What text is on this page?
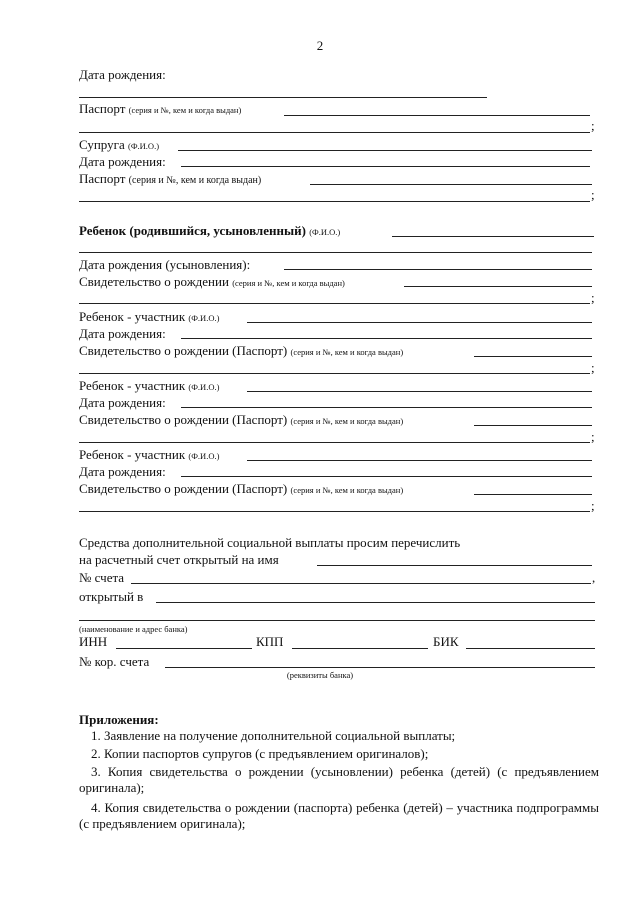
2
Дата рождения:
Паспорт (серия и №, кем и когда выдан)
;
Супруга (Ф.И.О.)
Дата рождения:
Паспорт (серия и №, кем и когда выдан)
;
Ребенок (родившийся, усыновленный) (Ф.И.О.)
Дата рождения (усыновления):
Свидетельство о рождении (серия и №, кем и когда выдан)
;
Ребенок - участник (Ф.И.О.)
Дата рождения:
Свидетельство о рождении (Паспорт) (серия и №, кем и когда выдан)
;
Ребенок - участник (Ф.И.О.)
Дата рождения:
Свидетельство о рождении (Паспорт) (серия и №, кем и когда выдан)
;
Ребенок - участник (Ф.И.О.)
Дата рождения:
Свидетельство о рождении (Паспорт) (серия и №, кем и когда выдан)
;
Средства дополнительной социальной выплаты просим перечислить
на расчетный счет открытый на имя
№ счета	,
открытый в
(наименование и адрес банка)
ИНН	КПП	БИК
№ кор. счета
(реквизиты банка)
Приложения:
1. Заявление на получение дополнительной социальной выплаты;
2. Копии паспортов супругов (с предъявлением оригиналов);
3. Копия свидетельства о рождении (усыновлении) ребенка (детей) (с предъявлением оригинала);
4. Копия свидетельства о рождении (паспорта) ребенка (детей) – участника подпрограммы (с предъявлением оригинала);
